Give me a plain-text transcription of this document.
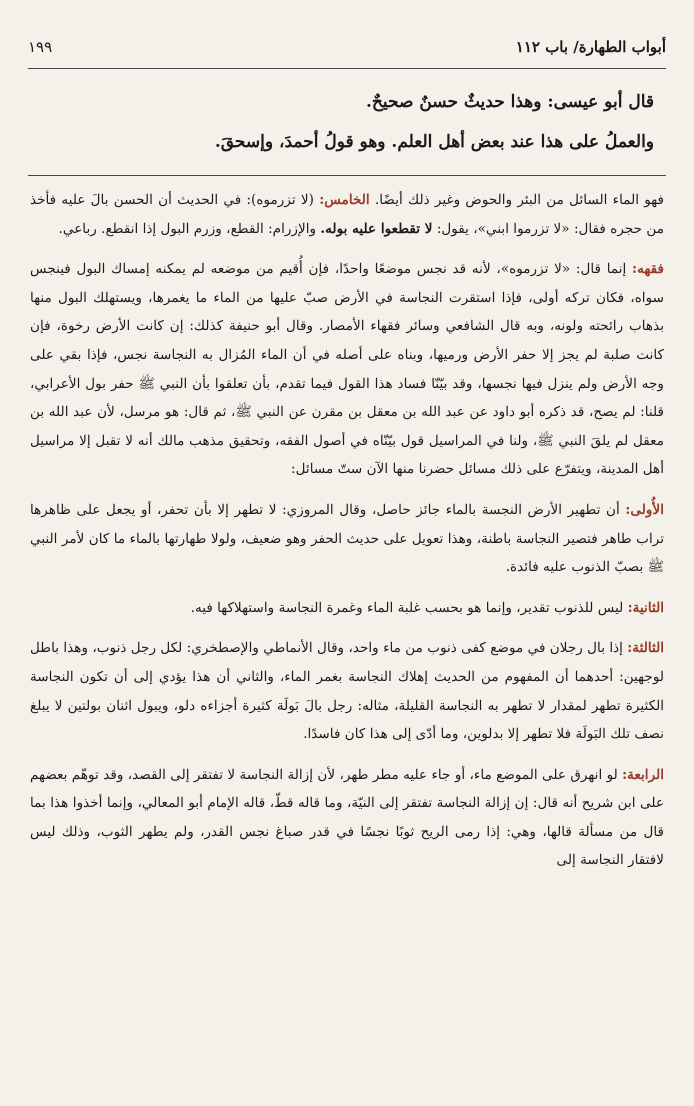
أبواب الطهارة/ باب ١١٢
١٩٩

قال أبو عيسى: وهذا حديثٌ حسنٌ صحيحٌ.

والعملُ على هذا عند بعض أهل العلم. وهو قولُ أحمدَ، وإسحقَ.

فهو الماء السائل من البئر والحوض وغير ذلك أيضًا. الخامس: (لا تزرموه): في الحديث أن الحسن بالَ عليه فأخذ من حجره فقال: «لا تزرموا ابني»، يقول: لا تقطعوا عليه بوله. والإزرام: القطع، وزرم البول إذا انقطع. رباعي.

فقهه: إنما قال: «لا تزرموه»، لأنه قد نجس موضعًا واحدًا، فإن أُقيم من موضعه لم يمكنه إمساك البول فينجس سواه، فكان تركه أولى، فإذا استقرت النجاسة في الأرض صبّ عليها من الماء ما يغمرها، ويستهلك البول منها بذهاب رائحته ولونه، وبه قال الشافعي وسائر فقهاء الأمصار. وقال أبو حنيفة كذلك: إن كانت الأرض رخوة، فإن كانت صلبة لم يجز إلا حفر الأرض ورميها، وبناه على أصله في أن الماء المُزال به النجاسة نجس، فإذا بقي على وجه الأرض ولم ينزل فيها نجسها، وقد بيّنّا فساد هذا القول فيما تقدم، بأن تعلقوا بأن النبي ﷺ حفر بول الأعرابي، قلنا: لم يصح، قد ذكره أبو داود عن عبد الله بن معقل بن مقرن عن النبي ﷺ، ثم قال: هو مرسل، لأن عبد الله بن معقل لم يلقَ النبي ﷺ، ولنا في المراسيل قول بيّنّاه في أصول الفقه، وتحقيق مذهب مالك أنه لا تقبل إلا مراسيل أهل المدينة، ويتفرّع على ذلك مسائل حضرنا منها الآن ستّ مسائل:

الأُولى: أن تطهير الأرض النجسة بالماء جائز حاصل، وقال المروزي: لا تطهر إلا بأن تحفر، أو يجعل على ظاهرها تراب طاهر فتصير النجاسة باطنة، وهذا تعويل على حديث الحفر وهو ضعيف، ولولا طهارتها بالماء ما كان لأمر النبي ﷺ بصبّ الذنوب عليه فائدة.

الثانية: ليس للذنوب تقدير، وإنما هو بحسب غلبة الماء وغمرة النجاسة واستهلاكها فيه.

الثالثة: إذا بال رجلان في موضع كفى ذنوب من ماء واحد، وقال الأنماطي والإصطخري: لكل رجل ذنوب، وهذا باطل لوجهين: أحدهما أن المفهوم من الحديث إهلاك النجاسة بغمر الماء، والثاني أن هذا يؤدي إلى أن تكون النجاسة الكثيرة تطهر لمقدار لا تطهر به النجاسة القليلة، مثاله: رجل بالَ بَولَة كثيرة أجزاءه دلو، ويبول اثنان بولتين لا يبلغ نصف تلك البَولَة فلا تطهر إلا بدلوين، وما أدّى إلى هذا كان فاسدًا.

الرابعة: لو انهرق على الموضع ماء، أو جاء عليه مطر طهر، لأن إزالة النجاسة لا تفتقر إلى القصد، وقد توهّم بعضهم على ابن شريح أنه قال: إن إزالة النجاسة تفتقر إلى النيّة، وما قاله قطّ، قاله الإمام أبو المعالي، وإنما أخذوا هذا بما قال من مسألة قالها، وهي: إذا رمى الريح ثوبًا نجسًا في قدر صباغ نجس القدر، ولم يطهر الثوب، وذلك ليس لافتقار النجاسة إلى
